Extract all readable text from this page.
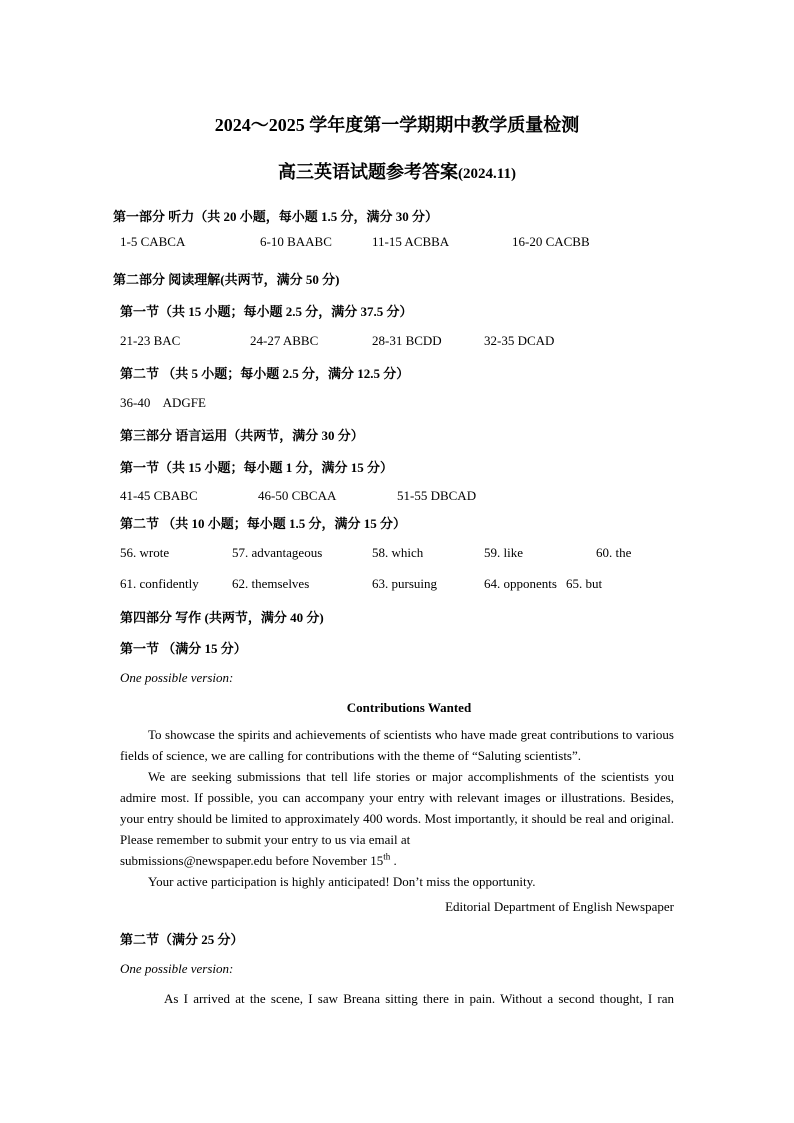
2024～2025 学年度第一学期期中教学质量检测
高三英语试题参考答案(2024.11)
第一部分 听力（共 20 小题，每小题 1.5 分，满分 30 分）
1-5 CABCA	6-10 BAABC	11-15 ACBBA	16-20 CACBB
第二部分 阅读理解(共两节，满分 50 分)
第一节（共 15 小题；每小题 2.5 分，满分 37.5 分）
21-23 BAC	24-27 ABBC	28-31 BCDD	32-35 DCAD
第二节 （共 5 小题；每小题 2.5 分，满分 12.5 分）
36-40    ADGFE
第三部分 语言运用（共两节，满分 30 分）
第一节（共 15 小题；每小题 1 分，满分 15 分）
41-45 CBABC	46-50 CBCAA	51-55 DBCAD
第二节 （共 10 小题；每小题 1.5 分，满分 15 分）
56. wrote	57. advantageous	58. which	59. like	60. the
61. confidently	62. themselves	63. pursuing	64. opponents 65. but
第四部分 写作 (共两节，满分 40 分)
第一节 （满分 15 分）
One possible version:
Contributions Wanted

To showcase the spirits and achievements of scientists who have made great contributions to various fields of science, we are calling for contributions with the theme of “Saluting scientists”.

We are seeking submissions that tell life stories or major accomplishments of the scientists you admire most. If possible, you can accompany your entry with relevant images or illustrations. Besides, your entry should be limited to approximately 400 words. Most importantly, it should be real and original. Please remember to submit your entry to us via email at

submissions@newspaper.edu before November 15th .

Your active participation is highly anticipated! Don’t miss the opportunity.

Editorial Department of English Newspaper
第二节（满分 25 分）
One possible version:
As I arrived at the scene, I saw Breana sitting there in pain. Without a second thought, I ran
